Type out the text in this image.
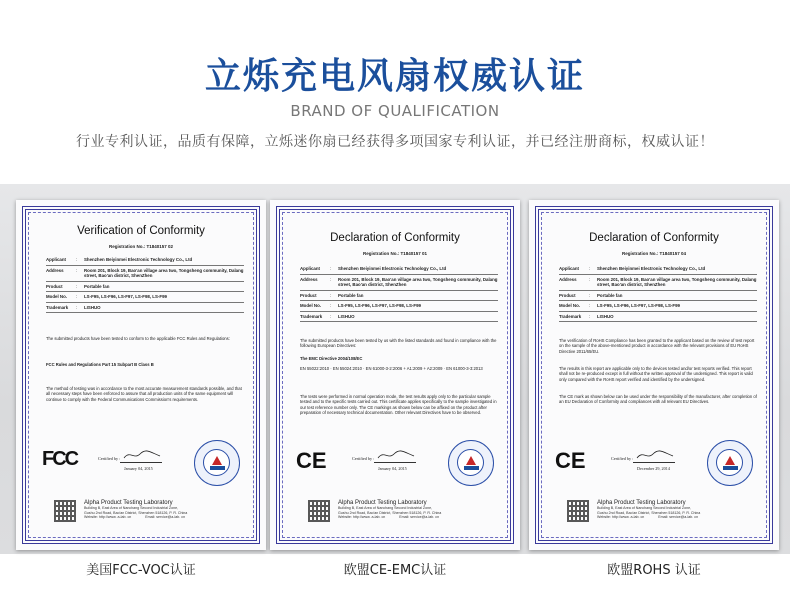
立烁充电风扇权威认证
BRAND OF QUALIFICATION
行业专利认证，品质有保障，立烁迷你扇已经获得多项国家专利认证，并已经注册商标，权威认证！
Verification of Conformity
Registration No.: T1840157 02
Applicant	:	Shenzhen Beiyinmei Electronic Technology Co., Ltd
Address	:	Room 201, Block 19, Bao'an village area two, Tongsheng community, Dalang street, Bao'an district, ShenZhen
Product	:	Portable fan
Model No.	:	LS-F95, LS-F96, LS-F97, LS-F98, LS-F99
Trademark	:	LISHUO
The submitted products have been tested to conform to the applicable FCC Rules and Regulations:
FCC Rules and Regulations Part 15 Subpart B Class B
The method of testing was in accordance to the most accurate measurement standards possible, and that all necessary steps have been enforced to assure that all production units of the same equipment will continue to comply with the Federal Communications Commission's requirements.
FCC	Certified by :
January 04, 2015
Alpha Product Testing Laboratory
Building B, East Area of Nanchang Second Industrial Zone,
Gushu 2nd Road, Bao'an District, Shenzhen 518126, P. R. China
Website: http://www. a-lab. cn	Email: service@a-lab. cn
美国FCC-VOC认证
Declaration of Conformity
Registration No.: T1840157 01
Applicant	:	Shenzhen Beiyinmei Electronic Technology Co., Ltd
Address	:	Room 201, Block 19, Bao'an village area two, Tongsheng community, Dalang street, Bao'an district, ShenZhen
Product	:	Portable fan
Model No.	:	LS-F95, LS-F96, LS-F97, LS-F98, LS-F99
Trademark	:	LISHUO
The submitted products have been tested by us with the listed standards and found in compliance with the following European Directives:
The EMC Directive 2004/108/EC
EN 55022:2010 · EN 55024:2010 · EN 61000-3-2:2006 + A1:2009 + A2:2009 · EN 61000-3-3:2013
The tests were performed in normal operation mode, the test results apply only to the particular sample tested and to the specific tests carried out. This certificate applies specifically to the sample investigated in our test reference number only. The CE markings as shown below can be affixed on the product after preparation of necessary technical documentation. Other relevant Directives have to be observed.
CE	Certified by :
January 04, 2015
Alpha Product Testing Laboratory
Building B, East Area of Nanchang Second Industrial Zone,
Gushu 2nd Road, Bao'an District, Shenzhen 518126, P. R. China
Website: http://www. a-lab. cn	Email: service@a-lab. cn
欧盟CE-EMC认证
Declaration of Conformity
Registration No.: T1840157 04
Applicant	:	Shenzhen Beiyinmei Electronic Technology Co., Ltd
Address	:	Room 201, Block 19, Bao'an village area two, Tongsheng community, Dalang street, Bao'an district, ShenZhen
Product	:	Portable fan
Model No.	:	LS-F95, LS-F96, LS-F97, LS-F98, LS-F99
Trademark	:	LISHUO
The verification of RoHS Compliance has been granted to the applicant based on the review of test report on the sample of the above-mentioned product in accordance with the relevant provisions of EU RoHS Directive 2011/65/EU.
The results in this report are applicable only to the devices tested and/or test reports verified. This report shall not be re-produced except in full without the written approval of the undersigned. This report is valid only compared with the RoHS report verified and identified by the undersigned.
The CE mark as shown below can be used under the responsibility of the manufacturer, after completion of an EU Declaration of Conformity and compliances with all relevant EU Directives.
CE	Certified by :
December 29, 2014
Alpha Product Testing Laboratory
Building B, East Area of Nanchang Second Industrial Zone,
Gushu 2nd Road, Bao'an District, Shenzhen 518126, P. R. China
Website: http://www. a-lab. cn	Email: service@a-lab. cn
欧盟ROHS 认证
